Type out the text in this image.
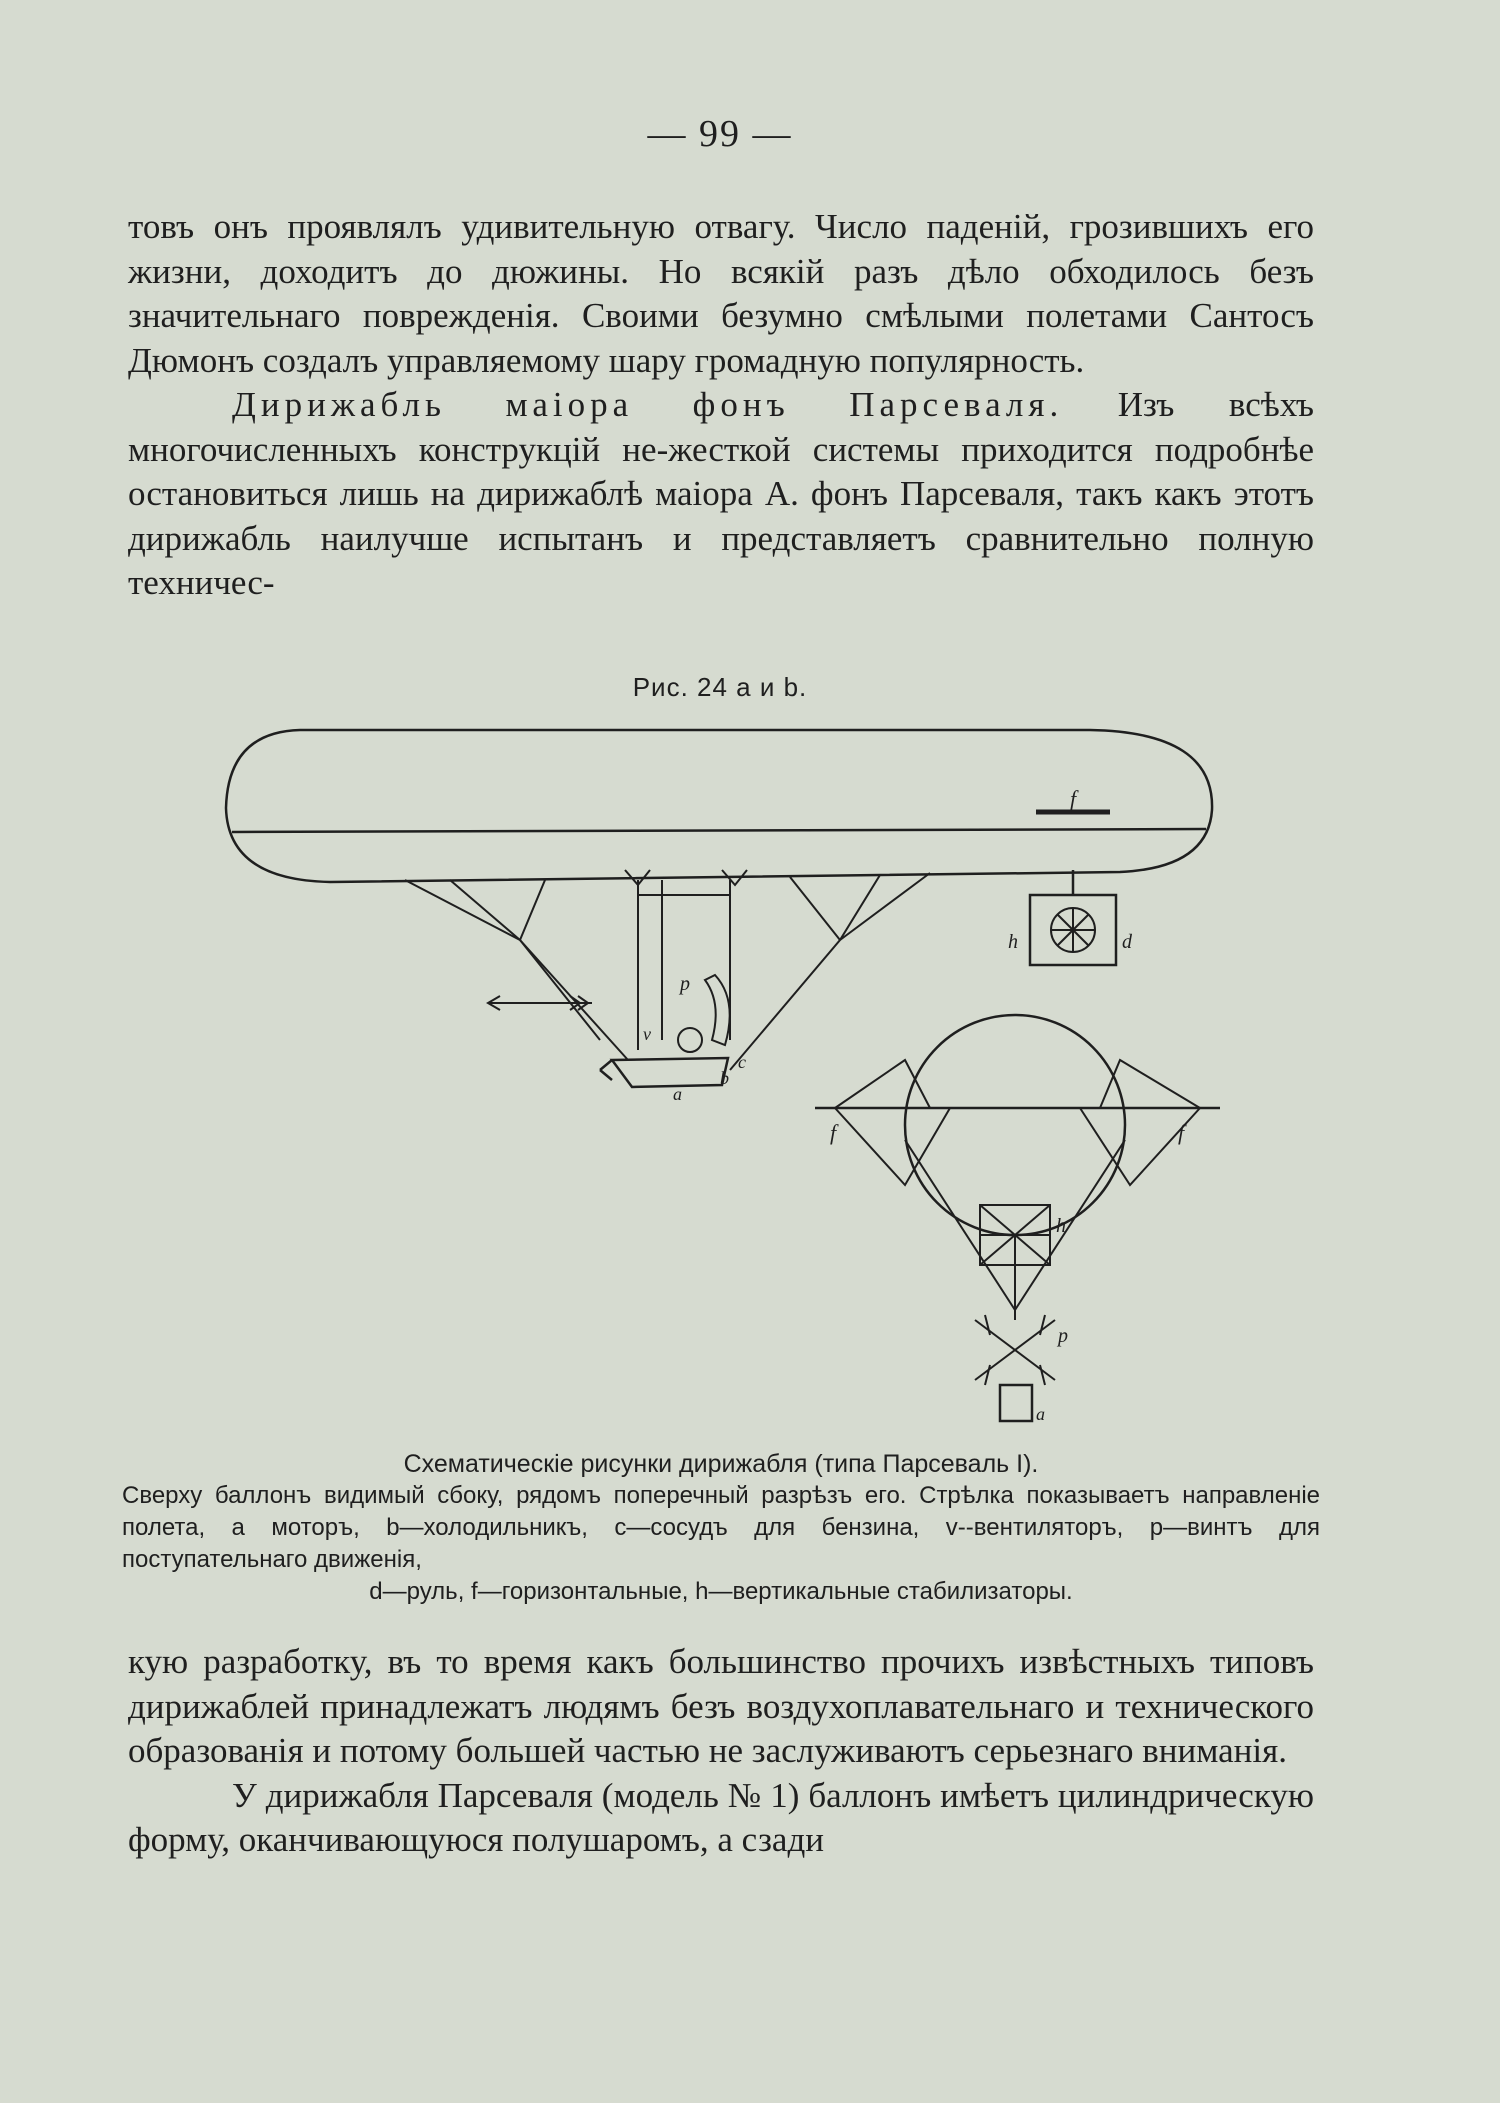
— 99 —

товъ онъ проявлялъ удивительную отвагу. Число паденій, грозившихъ его жизни, доходитъ до дюжины. Но всякій разъ дѣло обходилось безъ значительнаго поврежденія. Своими безумно смѣлыми полетами Сантосъ Дюмонъ создалъ управляемому шару громадную популярность.

Дирижабль маіора фонъ Парсеваля. Изъ всѣхъ многочисленныхъ конструкцій не-жесткой системы приходится подробнѣе остановиться лишь на дирижаблѣ маіора А. фонъ Парсеваля, такъ какъ этотъ дирижабль наилучше испытанъ и представляетъ сравнительно полную техничес-

Рис. 24 а и b.
f
h	d
p
v
c
b
a
f	f
h
p
a

Схематическіе рисунки дирижабля (типа Парсеваль I).

Сверху баллонъ видимый сбоку, рядомъ поперечный разрѣзъ его. Стрѣлка показываетъ направленіе полета, a моторъ, b—холодильникъ, c—сосудъ для бензина, v--вентиляторъ, p—винтъ для поступательнаго движенія,

d—руль, f—горизонтальные, h—вертикальные стабилизаторы.

кую разработку, въ то время какъ большинство прочихъ извѣстныхъ типовъ дирижаблей принадлежатъ людямъ безъ воздухоплавательнаго и технического образованія и потому большей частью не заслуживаютъ серьезнаго вниманія.

У дирижабля Парсеваля (модель № 1) баллонъ имѣетъ цилиндрическую форму, оканчивающуюся полушаромъ, а сзади
